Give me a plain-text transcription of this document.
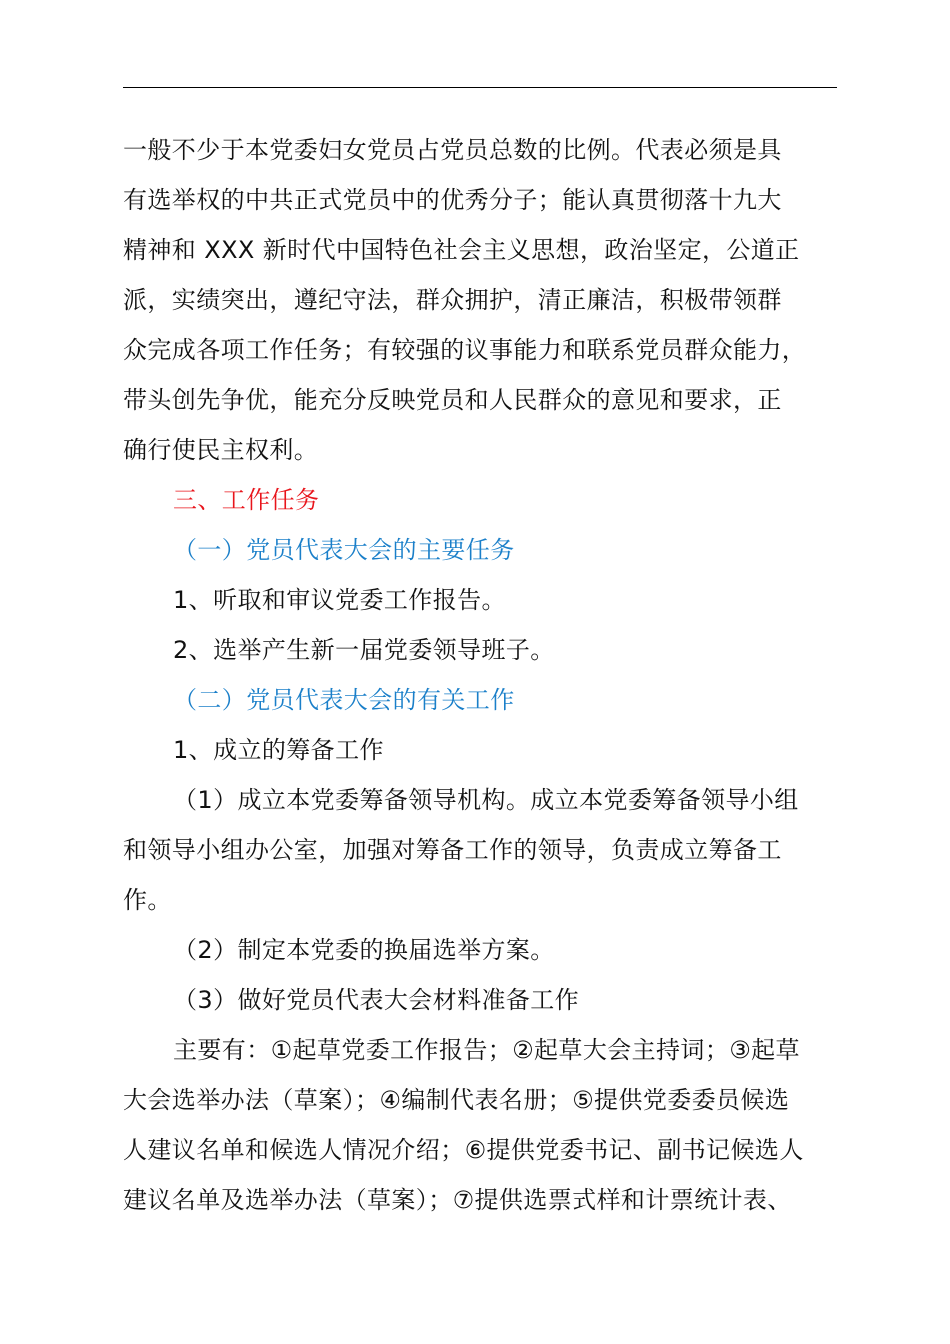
一般不少于本党委妇女党员占党员总数的比例。代表必须是具
有选举权的中共正式党员中的优秀分子；能认真贯彻落十九大
精神和 XXX 新时代中国特色社会主义思想，政治坚定，公道正
派，实绩突出，遵纪守法，群众拥护，清正廉洁，积极带领群
众完成各项工作任务；有较强的议事能力和联系党员群众能力，
带头创先争优，能充分反映党员和人民群众的意见和要求，正
确行使民主权利。
三、工作任务
（一）党员代表大会的主要任务
1、听取和审议党委工作报告。
2、选举产生新一届党委领导班子。
（二）党员代表大会的有关工作
1、成立的筹备工作
（1）成立本党委筹备领导机构。成立本党委筹备领导小组
和领导小组办公室，加强对筹备工作的领导，负责成立筹备工
作。
（2）制定本党委的换届选举方案。
（3）做好党员代表大会材料准备工作
主要有：①起草党委工作报告；②起草大会主持词；③起草
大会选举办法（草案）；④编制代表名册；⑤提供党委委员候选
人建议名单和候选人情况介绍；⑥提供党委书记、副书记候选人
建议名单及选举办法（草案）；⑦提供选票式样和计票统计表、
